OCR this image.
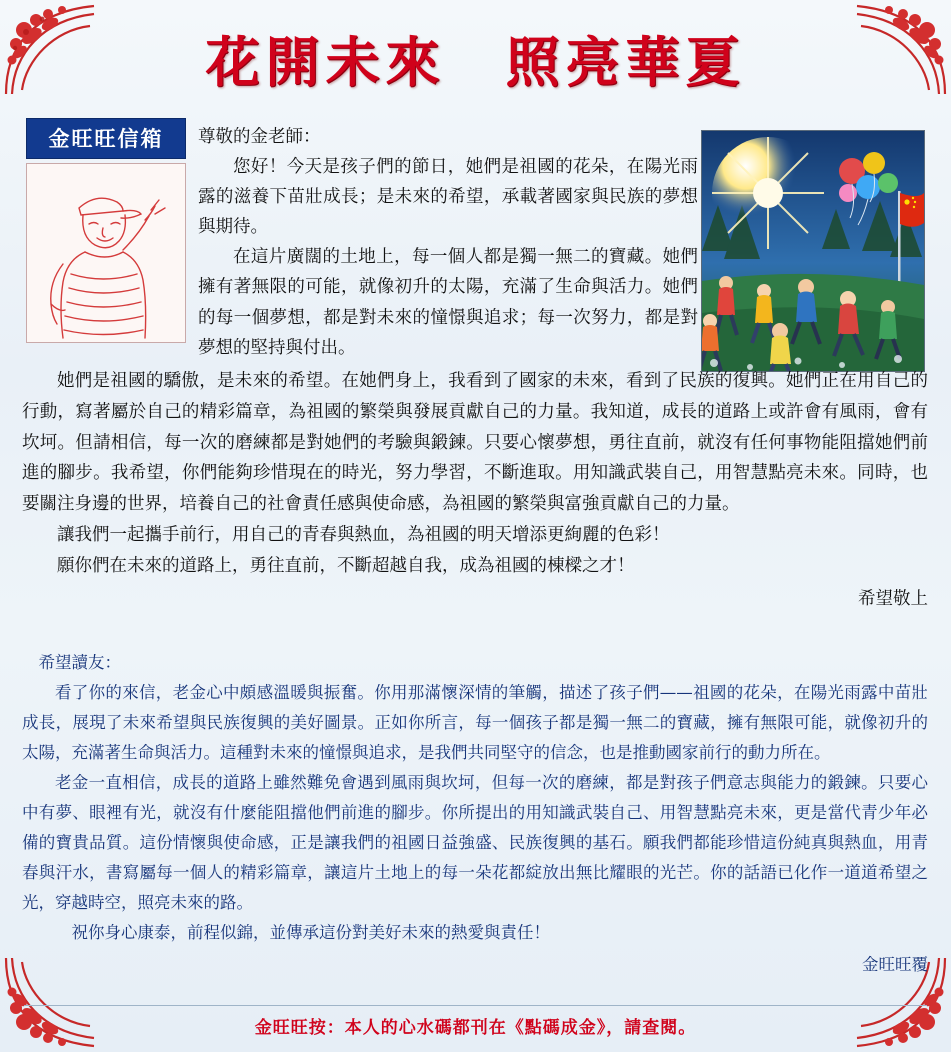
花開未來　照亮華夏
金旺旺信箱	尊敬的金老師：
您好！今天是孩子們的節日，她們是祖國的花朵，在陽光雨露的滋養下苗壯成長；是未來的希望，承載著國家與民族的夢想與期待。
在這片廣闊的土地上，每一個人都是獨一無二的寶藏。她們擁有著無限的可能，就像初升的太陽，充滿了生命與活力。她們的每一個夢想，都是對未來的憧憬與追求；每一次努力，都是對夢想的堅持與付出。
她們是祖國的驕傲，是未來的希望。在她們身上，我看到了國家的未來，看到了民族的復興。她們正在用自己的行動，寫著屬於自己的精彩篇章，為祖國的繁榮與發展貢獻自己的力量。我知道，成長的道路上或許會有風雨，會有坎坷。但請相信，每一次的磨練都是對她們的考驗與鍛鍊。只要心懷夢想，勇往直前，就沒有任何事物能阻擋她們前進的腳步。我希望，你們能夠珍惜現在的時光，努力學習，不斷進取。用知識武裝自己，用智慧點亮未來。同時，也要關注身邊的世界，培養自己的社會責任感與使命感，為祖國的繁榮與富強貢獻自己的力量。
讓我們一起攜手前行，用自己的青春與熱血，為祖國的明天增添更絢麗的色彩！
願你們在未來的道路上，勇往直前，不斷超越自我，成為祖國的棟樑之才！
希望敬上
希望讀友：
看了你的來信，老金心中頗感溫暖與振奮。你用那滿懷深情的筆觸，描述了孩子們——祖國的花朵，在陽光雨露中苗壯成長，展現了未來希望與民族復興的美好圖景。正如你所言，每一個孩子都是獨一無二的寶藏，擁有無限可能，就像初升的太陽，充滿著生命與活力。這種對未來的憧憬與追求，是我們共同堅守的信念，也是推動國家前行的動力所在。
老金一直相信，成長的道路上雖然難免會遇到風雨與坎坷，但每一次的磨練，都是對孩子們意志與能力的鍛鍊。只要心中有夢、眼裡有光，就沒有什麼能阻擋他們前進的腳步。你所提出的用知識武裝自己、用智慧點亮未來，更是當代青少年必備的寶貴品質。這份情懷與使命感，正是讓我們的祖國日益強盛、民族復興的基石。願我們都能珍惜這份純真與熱血，用青春與汗水，書寫屬每一個人的精彩篇章，讓這片土地上的每一朵花都綻放出無比耀眼的光芒。你的話語已化作一道道希望之光，穿越時空，照亮未來的路。
祝你身心康泰，前程似錦，並傳承這份對美好未來的熱愛與責任！
金旺旺覆
金旺旺按：本人的心水碼都刊在《點碼成金》，請查閱。
